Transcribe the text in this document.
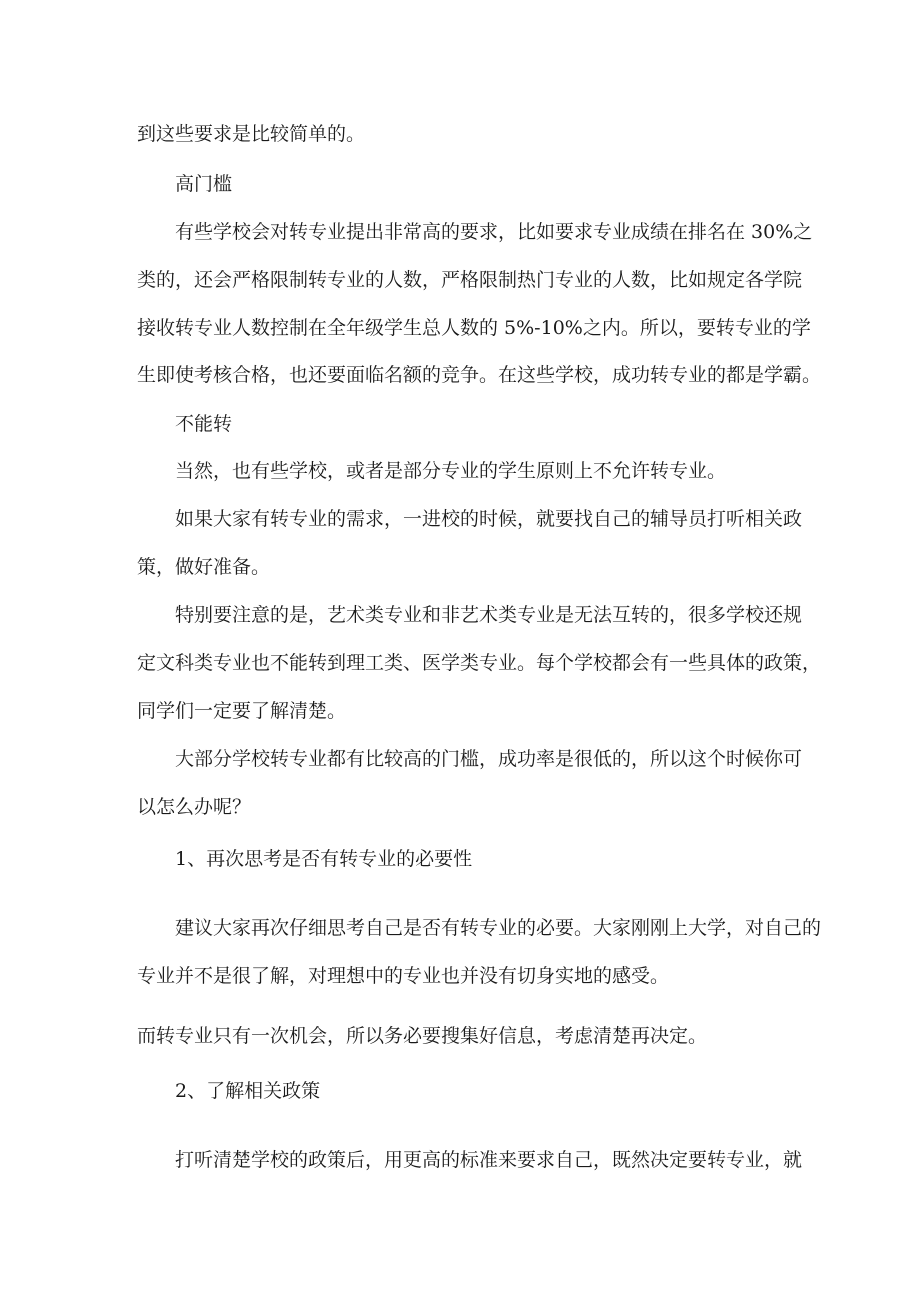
到这些要求是比较简单的。

高门槛

有些学校会对转专业提出非常高的要求，比如要求专业成绩在排名在 30%之

类的，还会严格限制转专业的人数，严格限制热门专业的人数，比如规定各学院

接收转专业人数控制在全年级学生总人数的 5%-10%之内。所以，要转专业的学

生即使考核合格，也还要面临名额的竞争。在这些学校，成功转专业的都是学霸。

不能转

当然，也有些学校，或者是部分专业的学生原则上不允许转专业。

如果大家有转专业的需求，一进校的时候，就要找自己的辅导员打听相关政

策，做好准备。

特别要注意的是，艺术类专业和非艺术类专业是无法互转的，很多学校还规

定文科类专业也不能转到理工类、医学类专业。每个学校都会有一些具体的政策，

同学们一定要了解清楚。

大部分学校转专业都有比较高的门槛，成功率是很低的，所以这个时候你可

以怎么办呢？

1、再次思考是否有转专业的必要性

建议大家再次仔细思考自己是否有转专业的必要。大家刚刚上大学，对自己的

专业并不是很了解，对理想中的专业也并没有切身实地的感受。

而转专业只有一次机会，所以务必要搜集好信息，考虑清楚再决定。

2、了解相关政策

打听清楚学校的政策后，用更高的标准来要求自己，既然决定要转专业，就
